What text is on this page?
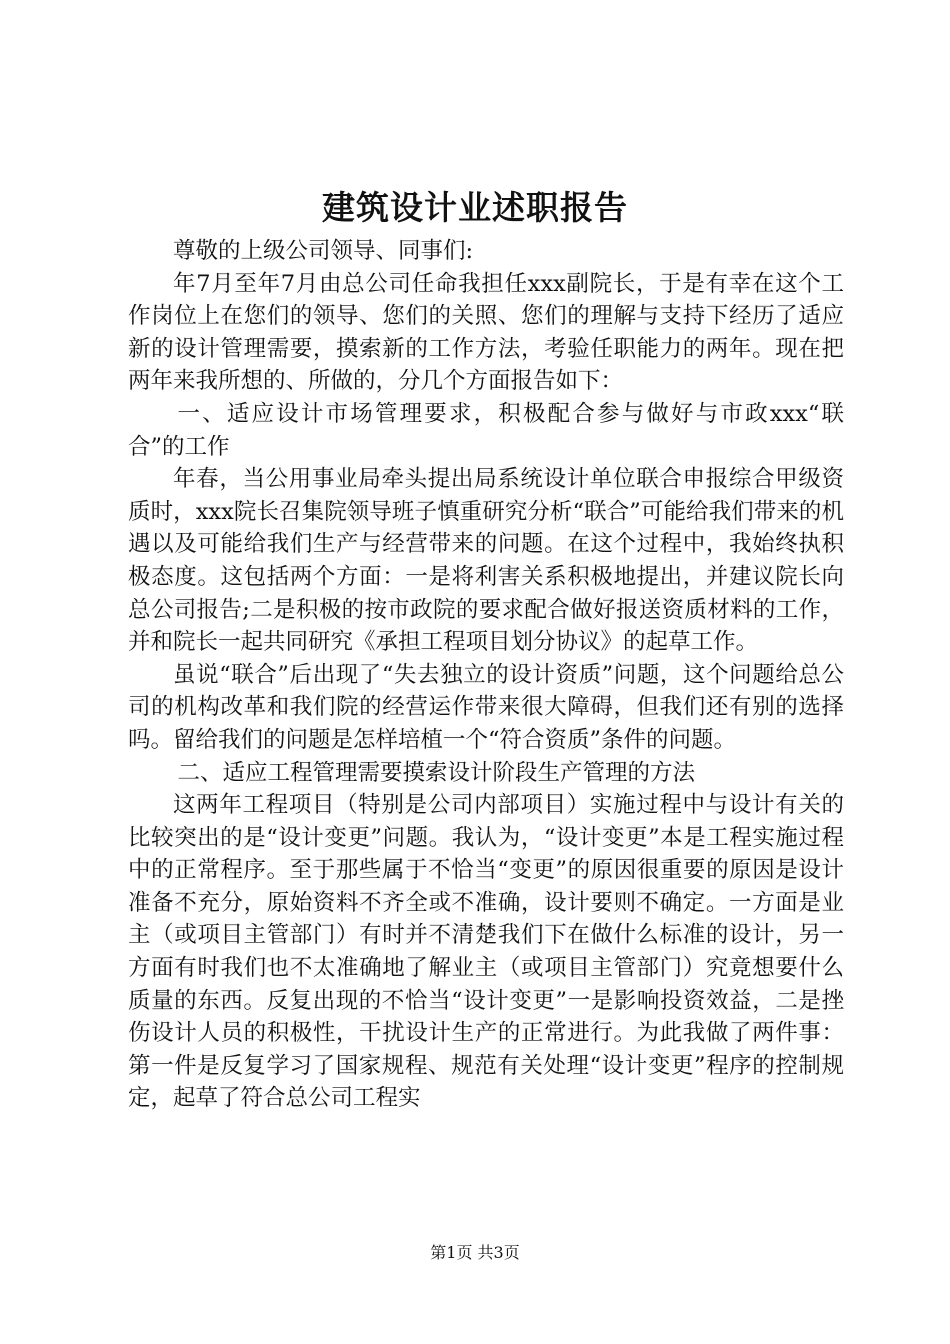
建筑设计业述职报告

尊敬的上级公司领导、同事们:

年7月至年7月由总公司任命我担任xxx副院长，于是有幸在这个工作岗位上在您们的领导、您们的关照、您们的理解与支持下经历了适应新的设计管理需要，摸索新的工作方法，考验任职能力的两年。现在把两年来我所想的、所做的，分几个方面报告如下：

一、适应设计市场管理要求，积极配合参与做好与市政xxx“联合”的工作

年春，当公用事业局牵头提出局系统设计单位联合申报综合甲级资质时，xxx院长召集院领导班子慎重研究分析“联合”可能给我们带来的机遇以及可能给我们生产与经营带来的问题。在这个过程中，我始终执积极态度。这包括两个方面：一是将利害关系积极地提出，并建议院长向总公司报告;二是积极的按市政院的要求配合做好报送资质材料的工作，并和院长一起共同研究《承担工程项目划分协议》的起草工作。

虽说“联合”后出现了“失去独立的设计资质”问题，这个问题给总公司的机构改革和我们院的经营运作带来很大障碍，但我们还有别的选择吗。留给我们的问题是怎样培植一个“符合资质”条件的问题。

二、适应工程管理需要摸索设计阶段生产管理的方法

这两年工程项目（特别是公司内部项目）实施过程中与设计有关的比较突出的是“设计变更”问题。我认为，“设计变更”本是工程实施过程中的正常程序。至于那些属于不恰当“变更”的原因很重要的原因是设计准备不充分，原始资料不齐全或不准确，设计要则不确定。一方面是业主（或项目主管部门）有时并不清楚我们下在做什么标准的设计，另一方面有时我们也不太准确地了解业主（或项目主管部门）究竟想要什么质量的东西。反复出现的不恰当“设计变更”一是影响投资效益，二是挫伤设计人员的积极性，干扰设计生产的正常进行。为此我做了两件事：第一件是反复学习了国家规程、规范有关处理“设计变更”程序的控制规定，起草了符合总公司工程实

第1页 共3页
